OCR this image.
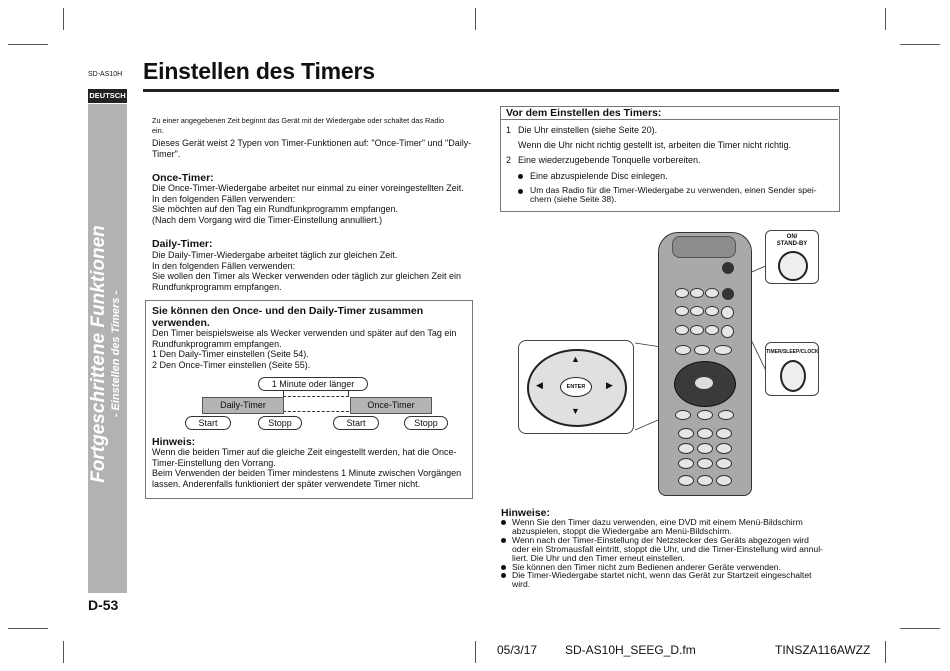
SD-AS10H Einstellen des Timers
DEUTSCH
Fortgeschrittene Funktionen - Einstellen des Timers -
Zu einer angegebenen Zeit beginnt das Gerät mit der Wiedergabe oder schaltet das Radio
ein.
Dieses Gerät weist 2 Typen von Timer-Funktionen auf: "Once-Timer" und "Daily-
Timer".
Once-Timer:
Die Once-Timer-Wiedergabe arbeitet nur einmal zu einer voreingestellten Zeit.
In den folgenden Fällen verwenden:
Sie möchten auf den Tag ein Rundfunkprogramm empfangen.
(Nach dem Vorgang wird die Timer-Einstellung annulliert.)
Daily-Timer:
Die Daily-Timer-Wiedergabe arbeitet täglich zur gleichen Zeit.
In den folgenden Fällen verwenden:
Sie wollen den Timer als Wecker verwenden oder täglich zur gleichen Zeit ein
Rundfunkprogramm empfangen.
Sie können den Once- und den Daily-Timer zusammen
verwenden.
Den Timer beispielsweise als Wecker verwenden und später auf den Tag ein
Rundfunkprogramm empfangen.
1 Den Daily-Timer einstellen (Seite 54).
2 Den Once-Timer einstellen (Seite 55).
1 Minute oder länger
Daily-Timer	Once-Timer
Start	Stopp	Start	Stopp
Hinweis:
Wenn die beiden Timer auf die gleiche Zeit eingestellt werden, hat die Once-
Timer-Einstellung den Vorrang.
Beim Verwenden der beiden Timer mindestens 1 Minute zwischen Vorgängen
lassen. Anderenfalls funktioniert der später verwendete Timer nicht.
Vor dem Einstellen des Timers:
1 Die Uhr einstellen (siehe Seite 20).
Wenn die Uhr nicht richtig gestellt ist, arbeiten die Timer nicht richtig.
2 Eine wiederzugebende Tonquelle vorbereiten.
Eine abzuspielende Disc einlegen.
Um das Radio für die Timer-Wiedergabe zu verwenden, einen Sender spei-
chern (siehe Seite 38).
ON/
STAND-BY
TIMER/SLEEP/CLOCK
ENTER
▲
▼
◀	▶
Hinweise:
Wenn Sie den Timer dazu verwenden, eine DVD mit einem Menü-Bildschirm
abzuspielen, stoppt die Wiedergabe am Menü-Bildschirm.
Wenn nach der Timer-Einstellung der Netzstecker des Geräts abgezogen wird
oder ein Stromausfall eintritt, stoppt die Uhr, und die Timer-Einstellung wird annul-
liert. Die Uhr und den Timer erneut einstellen.
Sie können den Timer nicht zum Bedienen anderer Geräte verwenden.
Die Timer-Wiedergabe startet nicht, wenn das Gerät zur Startzeit eingeschaltet
wird.
D-53
05/3/17 SD-AS10H_SEEG_D.fm	TINSZA116AWZZ
